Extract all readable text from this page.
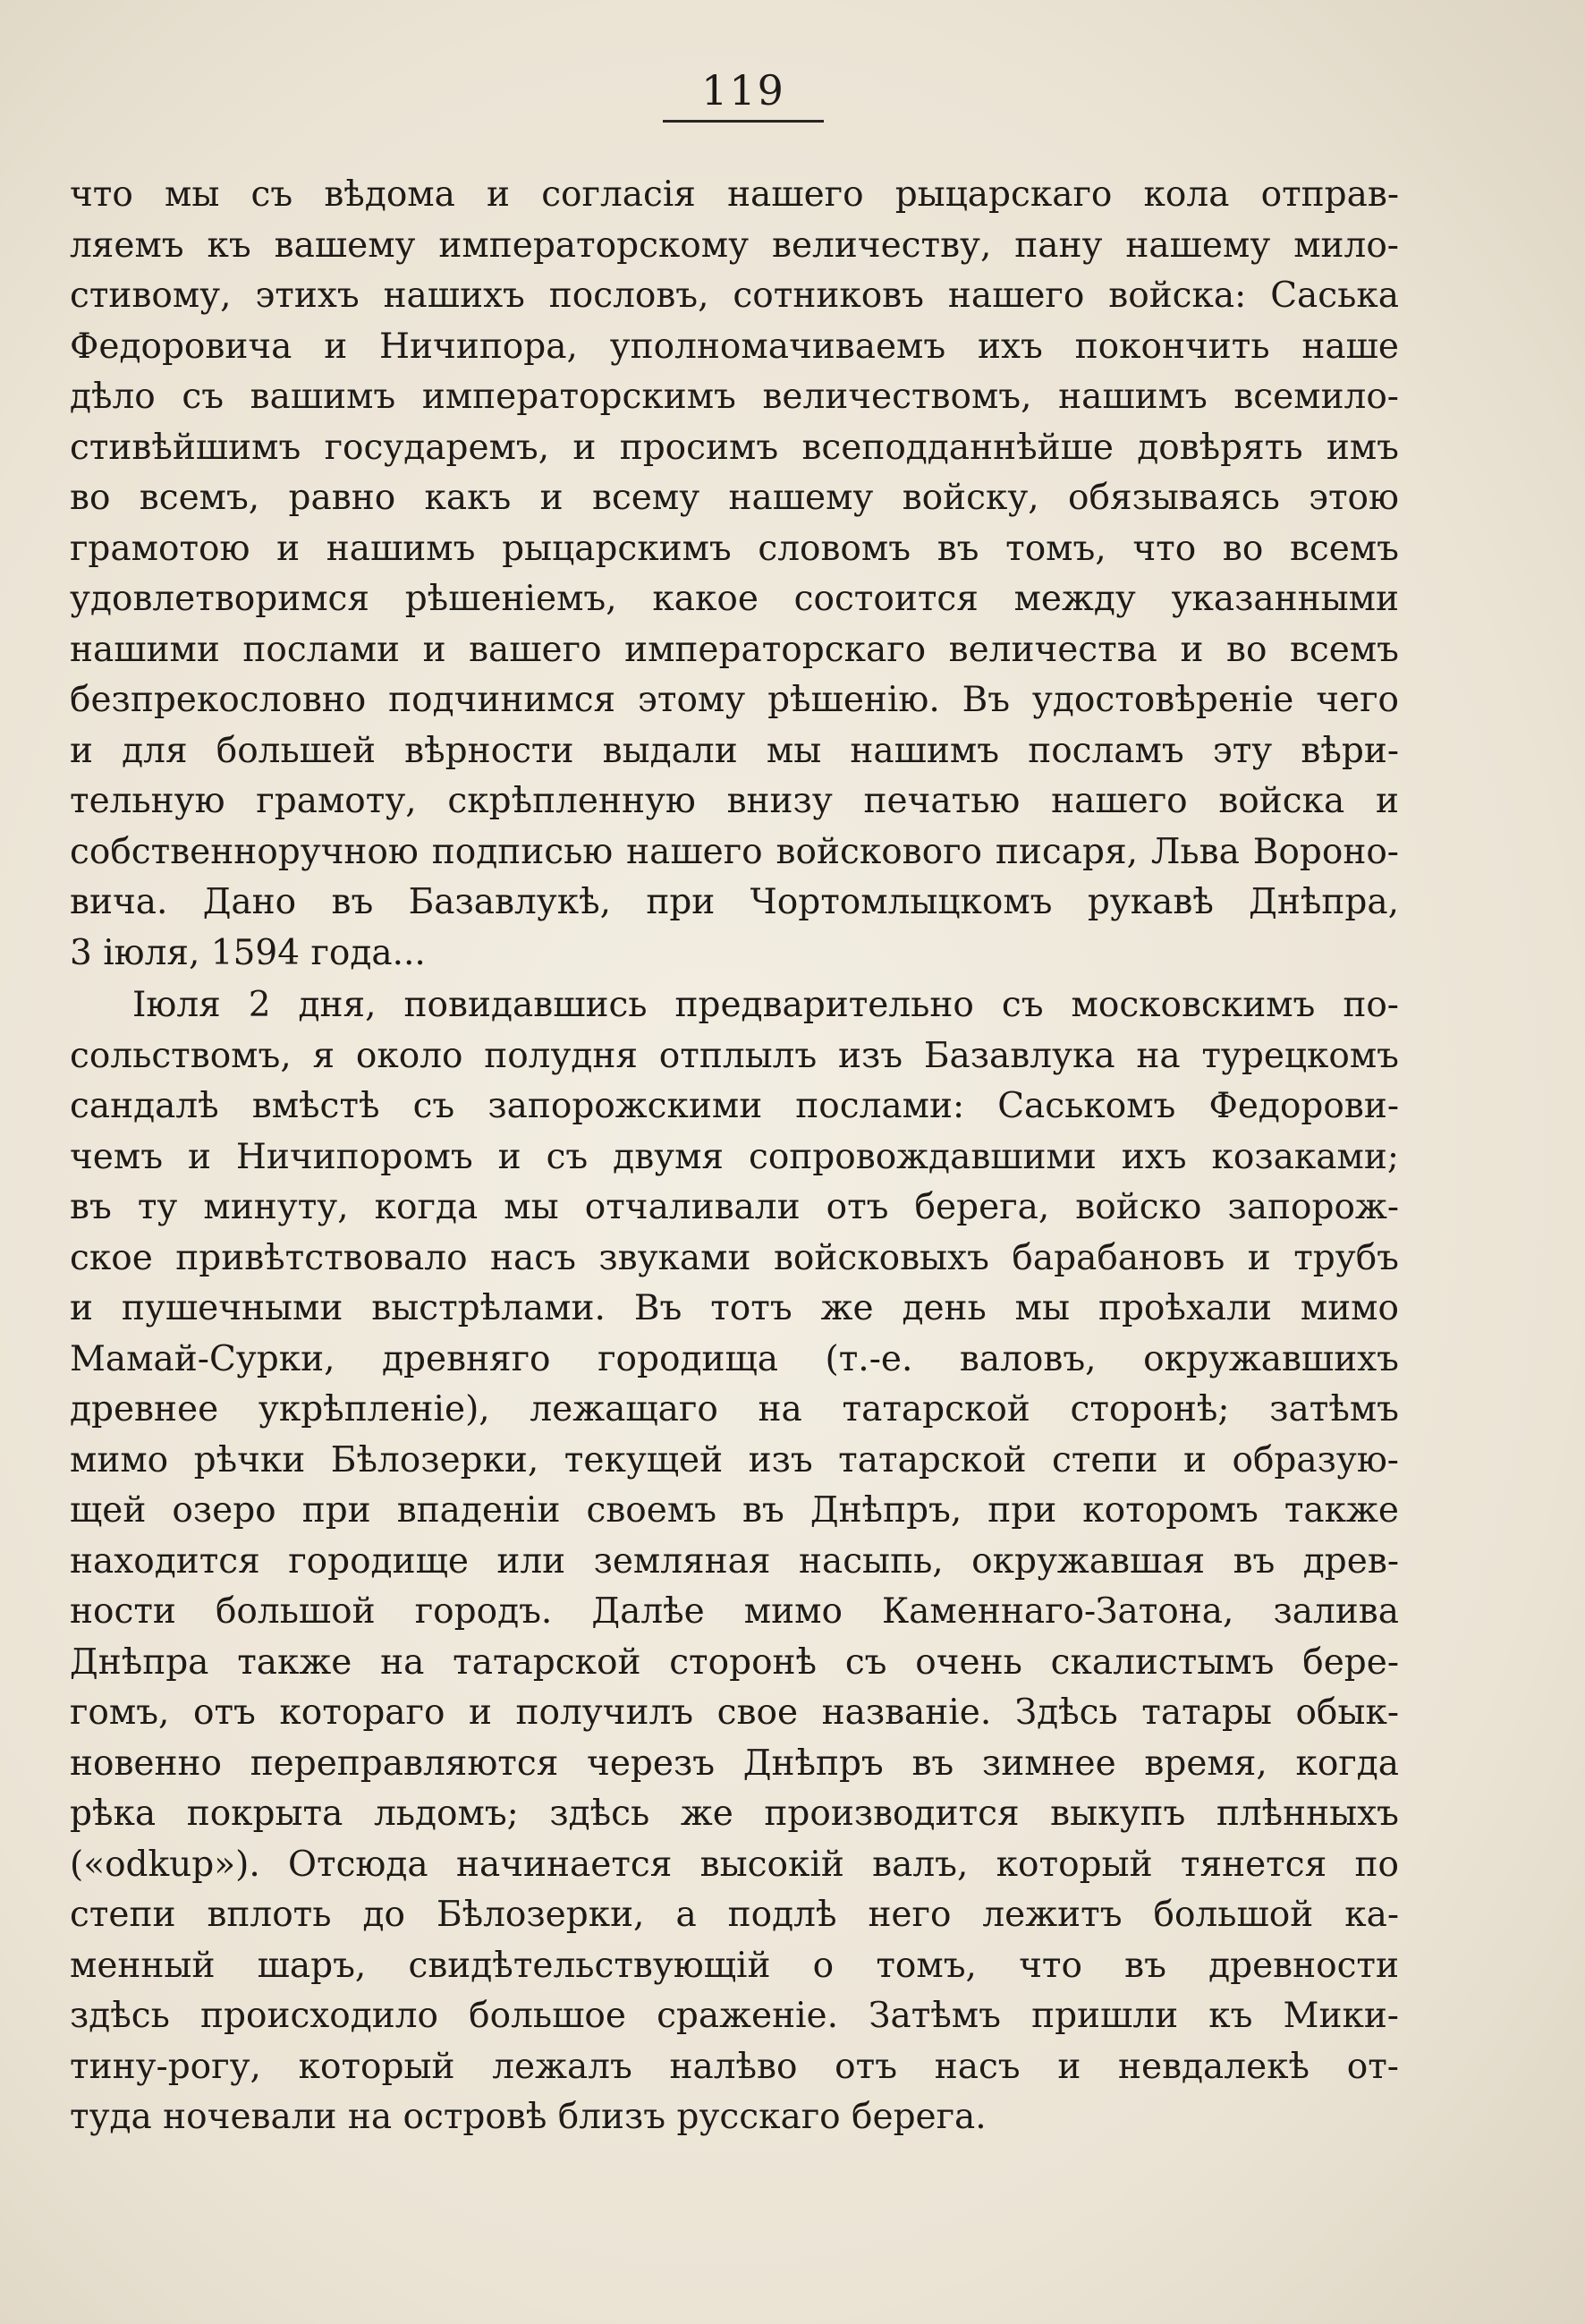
119
что мы съ вѣдома и согласія нашего рыцарскаго кола отправ-
ляемъ къ вашему императорскому величеству, пану нашему мило-
стивому, этихъ нашихъ пословъ, сотниковъ нашего войска: Саська
Федоровича и Ничипора, уполномачиваемъ ихъ покончить наше
дѣло съ вашимъ императорскимъ величествомъ, нашимъ всемило-
стивѣйшимъ государемъ, и просимъ всеподданнѣйше довѣрять имъ
во всемъ, равно какъ и всему нашему войску, обязываясь этою
грамотою и нашимъ рыцарскимъ словомъ въ томъ, что во всемъ
удовлетворимся рѣшеніемъ, какое состоится между указанными
нашими послами и вашего императорскаго величества и во всемъ
безпрекословно подчинимся этому рѣшенію. Въ удостовѣреніе чего
и для большей вѣрности выдали мы нашимъ посламъ эту вѣри-
тельную грамоту, скрѣпленную внизу печатью нашего войска и
собственноручною подписью нашего войскового писаря, Льва Вороно-
вича. Дано въ Базавлукѣ, при Чортомлыцкомъ рукавѣ Днѣпра,
3 іюля, 1594 года...
Іюля 2 дня, повидавшись предварительно съ московскимъ по-
сольствомъ, я около полудня отплылъ изъ Базавлука на турецкомъ
сандалѣ вмѣстѣ съ запорожскими послами: Саськомъ Федорови-
чемъ и Ничипоромъ и съ двумя сопровождавшими ихъ козаками;
въ ту минуту, когда мы отчаливали отъ берега, войско запорож-
ское привѣтствовало насъ звуками войсковыхъ барабановъ и трубъ
и пушечными выстрѣлами. Въ тотъ же день мы проѣхали мимо
Мамай-Сурки, древняго городища (т.-е. валовъ, окружавшихъ
древнее укрѣпленіе), лежащаго на татарской сторонѣ; затѣмъ
мимо рѣчки Бѣлозерки, текущей изъ татарской степи и образую-
щей озеро при впаденіи своемъ въ Днѣпръ, при которомъ также
находится городище или земляная насыпь, окружавшая въ древ-
ности большой городъ. Далѣе мимо Каменнаго-Затона, залива
Днѣпра также на татарской сторонѣ съ очень скалистымъ бере-
гомъ, отъ котораго и получилъ свое названіе. Здѣсь татары обык-
новенно переправляются черезъ Днѣпръ въ зимнее время, когда
рѣка покрыта льдомъ; здѣсь же производится выкупъ плѣнныхъ
(«odkup»). Отсюда начинается высокій валъ, который тянется по
степи вплоть до Бѣлозерки, а подлѣ него лежитъ большой ка-
менный шаръ, свидѣтельствующій о томъ, что въ древности
здѣсь происходило большое сраженіе. Затѣмъ пришли къ Мики-
тину-рогу, который лежалъ налѣво отъ насъ и невдалекѣ от-
туда ночевали на островѣ близъ русскаго берега.
